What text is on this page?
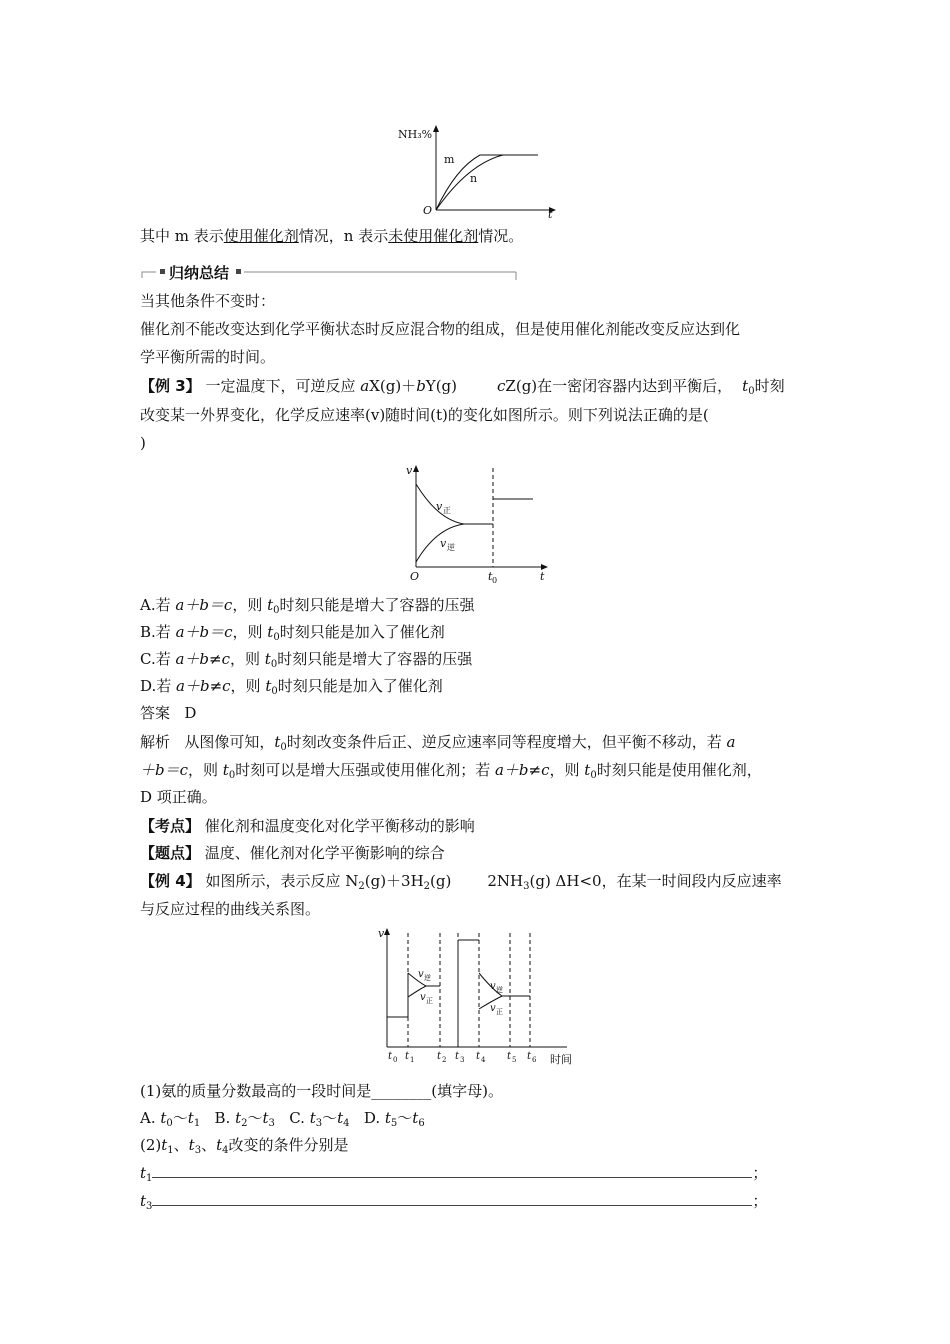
NH₃%
t
O
m
n
其中 m 表示使用催化剂情况，n 表示未使用催化剂情况。
归纳总结
当其他条件不变时：
催化剂不能改变达到化学平衡状态时反应混合物的组成，但是使用催化剂能改变反应达到化
学平衡所需的时间。
【例 3】 一定温度下，可逆反应 aX(g)＋bY(g)	cZ(g)在一密闭容器内达到平衡后， $t_0$时刻
改变某一外界变化，化学反应速率(v)随时间(t)的变化如图所示。则下列说法正确的是(
)
v
t
O	t 0
v 正
v 逆
A.若 a＋b＝c，则 $t_0$时刻只能是增大了容器的压强
B.若 a＋b＝c，则 $t_0$时刻只能是加入了催化剂
C.若 a＋b≠c，则 $t_0$时刻只能是增大了容器的压强
D.若 a＋b≠c，则 $t_0$时刻只能是加入了催化剂
答案 D
解析 从图像可知，$t_0$时刻改变条件后正、逆反应速率同等程度增大，但平衡不移动，若 a
＋b＝c，则 $t_0$时刻可以是增大压强或使用催化剂；若 a＋b≠c，则 $t_0$时刻只能是使用催化剂，
D 项正确。
【考点】 催化剂和温度变化对化学平衡移动的影响
【题点】 温度、催化剂对化学平衡影响的综合
【例 4】 如图所示，表示反应 $N_2(g)+3H_2(g)$ $2NH_3(g)$ ΔH<0，在某一时间段内反应速率
与反应过程的曲线关系图。
v
时间
v 逆
v 正
v 逆
v 正
t t	t t t	t t
0 1	2 3 4	5 6
(1)氨的质量分数最高的一段时间是________(填字母)。
A. $t_0\sim t_1$ B. $t_2\sim t_3$ C. $t_3\sim t_4$ D. $t_5\sim t_6$
$(2)t_1$、$t_3$、$t_4$改变的条件分别是
$t_1$	；
$t_3$	；
